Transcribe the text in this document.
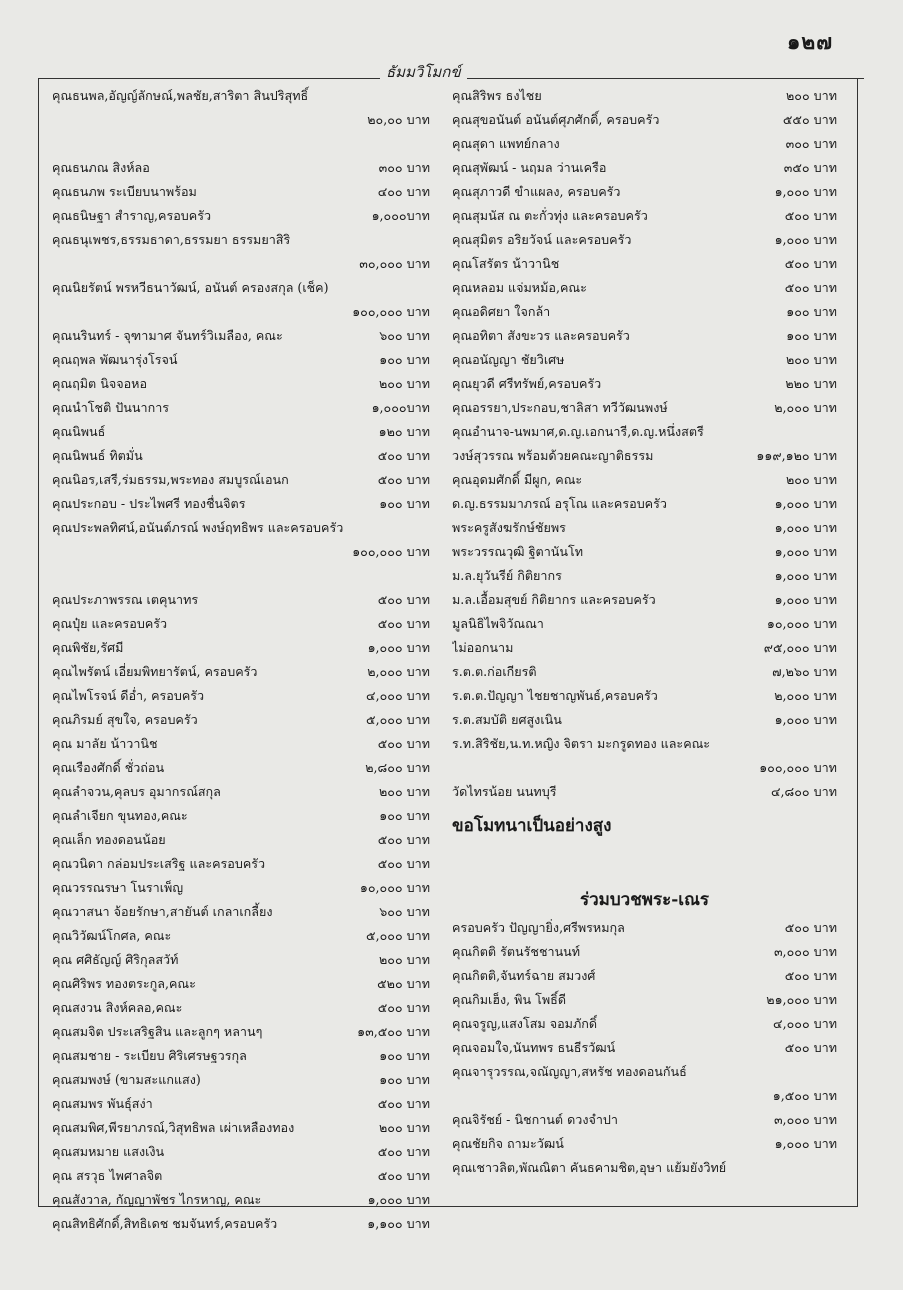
๑๒๗
ธัมมวิโมกข์
คุณธนพล,อัญญ์ลักษณ์,พลชัย,สาริตา สินปริสุทธิ์
๒๐,๐๐ บาท
คุณธนภณ สิงห์ลอ	๓๐๐ บาท
คุณธนภพ ระเบียบนาพร้อม	๔๐๐ บาท
คุณธนิษฐา สำราญ,ครอบครัว	๑,๐๐๐บาท
คุณธนุเพชร,ธรรมธาดา,ธรรมยา ธรรมยาสิริ
๓๐,๐๐๐ บาท
คุณนิยรัตน์ พรหวีธนาวัฒน์, อนันต์ ครองสกุล (เช็ค)
๑๐๐,๐๐๐ บาท
คุณนรินทร์ - จุฑามาศ จันทร์วิเมลือง, คณะ	๖๐๐ บาท
คุณฤพล พัฒนารุ่งโรจน์	๑๐๐ บาท
คุณฤมิต นิจจอหอ	๒๐๐ บาท
คุณนำโชติ ปันนาการ	๑,๐๐๐บาท
คุณนิพนธ์	๑๒๐ บาท
คุณนิพนธ์ ทิตมั่น	๕๐๐ บาท
คุณนิอร,เสรี,ร่มธรรม,พระทอง สมบูรณ์เอนก	๕๐๐ บาท
คุณประกอบ - ประไพศรี ทองชื่นจิตร	๑๐๐ บาท
คุณประพลทิศน์,อนันต์ภรณ์ พงษ์ฤทธิพร และครอบครัว
๑๐๐,๐๐๐ บาท
คุณประภาพรรณ เตคุนาทร	๕๐๐ บาท
คุณปุ๋ย และครอบครัว	๕๐๐ บาท
คุณพิชัย,รัศมี	๑,๐๐๐ บาท
คุณไพรัตน์ เอี่ยมพิทยารัตน์, ครอบครัว	๒,๐๐๐ บาท
คุณไพโรจน์ ดีอ่ำ, ครอบครัว	๔,๐๐๐ บาท
คุณภิรมย์ สุขใจ, ครอบครัว	๕,๐๐๐ บาท
คุณ มาลัย น้าวานิช	๕๐๐ บาท
คุณเรืองศักดิ์ ชั่วถ่อน	๒,๘๐๐ บาท
คุณลำจวน,คุลบร อุมากรณ์สกุล	๒๐๐ บาท
คุณลำเจียก ขุนทอง,คณะ	๑๐๐ บาท
คุณเล็ก ทองดอนน้อย	๕๐๐ บาท
คุณวนิดา กล่อมประเสริฐ และครอบครัว	๕๐๐ บาท
คุณวรรณรษา โนราเพ็ญ	๑๐,๐๐๐ บาท
คุณวาสนา จ้อยรักษา,สายันต์ เกลาเกลี้ยง	๖๐๐ บาท
คุณวิวัฒน์โกศล, คณะ	๕,๐๐๐ บาท
คุณ ศศิธัญญ์ ศิริกุลสวัท์	๒๐๐ บาท
คุณศิริพร ทองตระกูล,คณะ	๕๒๐ บาท
คุณสงวน สิงห์คลอ,คณะ	๕๐๐ บาท
คุณสมจิต ประเสริฐสิน และลูกๆ หลานๆ	๑๓,๕๐๐ บาท
คุณสมชาย - ระเบียบ ศิริเศรษฐวรกุล	๑๐๐ บาท
คุณสมพงษ์ (ขามสะแกแสง)	๑๐๐ บาท
คุณสมพร พันธุ์สง่า	๕๐๐ บาท
คุณสมพิศ,พีรยาภรณ์,วิสุทธิพล เผ่าเหลืองทอง	๒๐๐ บาท
คุณสมหมาย แสงเงิน	๕๐๐ บาท
คุณ สรวุธ ไพศาลจิต	๕๐๐ บาท
คุณสังวาล, กัญญาพัชร ไกรหาญ, คณะ	๑,๐๐๐ บาท
คุณสิทธิศักดิ์,สิทธิเดช ชมจันทร์,ครอบครัว	๑,๑๐๐ บาท
คุณสิริพร ธงไชย	๒๐๐ บาท
คุณสุขอนันต์ อนันต์ศุภศักดิ์, ครอบครัว	๕๕๐ บาท
คุณสุดา แพทย์กลาง	๓๐๐ บาท
คุณสุพัฒน์ - นฤมล ว่านเครือ	๓๕๐ บาท
คุณสุภาวดี ขำแผลง, ครอบครัว	๑,๐๐๐ บาท
คุณสุมนัส ณ ตะกั่วทุ่ง และครอบครัว	๕๐๐ บาท
คุณสุมิตร อริยวัจน์ และครอบครัว	๑,๐๐๐ บาท
คุณโสรัตร น้าวานิช	๕๐๐ บาท
คุณหลอม แจ่มหม้อ,คณะ	๕๐๐ บาท
คุณอดิศยา ใจกล้า	๑๐๐ บาท
คุณอทิตา สังขะวร และครอบครัว	๑๐๐ บาท
คุณอนัญญา ชัยวิเศษ	๒๐๐ บาท
คุณยุวดี ศรีทรัพย์,ครอบครัว	๒๒๐ บาท
คุณอรรยา,ประกอบ,ชาลิสา ทวีวัฒนพงษ์	๒,๐๐๐ บาท
คุณอำนาจ-นพมาศ,ด.ญ.เอกนารี,ด.ญ.หนึ่งสตรี
วงษ์สุวรรณ พร้อมด้วยคณะญาติธรรม	๑๑๙,๑๒๐ บาท
คุณอุดมศักดิ์ มีผูก, คณะ	๒๐๐ บาท
ด.ญ.ธรรมมาภรณ์ อรุโณ และครอบครัว	๑,๐๐๐ บาท
พระครูสังฆรักษ์ชัยพร	๑,๐๐๐ บาท
พระวรรณวุฒิ ฐิตานันโท	๑,๐๐๐ บาท
ม.ล.ยุวันรีย์ กิติยากร	๑,๐๐๐ บาท
ม.ล.เอื้อมสุขย์ กิติยากร และครอบครัว	๑,๐๐๐ บาท
มูลนิธิไพจิวัณณา	๑๐,๐๐๐ บาท
ไม่ออกนาม	๙๕,๐๐๐ บาท
ร.ต.ต.ก่อเกียรติ	๗,๒๖๐ บาท
ร.ต.ต.ปัญญา ไชยชาญพันธ์,ครอบครัว	๒,๐๐๐ บาท
ร.ต.สมบัติ ยศสูงเนิน	๑,๐๐๐ บาท
ร.ท.สิริชัย,น.ท.หญิง จิตรา มะกรูดทอง และคณะ
๑๐๐,๐๐๐ บาท
วัดไทรน้อย นนทบุรี	๔,๘๐๐ บาท
ขอโมทนาเป็นอย่างสูง
ร่วมบวชพระ-เณร
ครอบครัว ปัญญายิ่ง,ศรีพรหมกุล	๕๐๐ บาท
คุณกิตติ รัตนรัชชานนท์	๓,๐๐๐ บาท
คุณกิตติ,จันทร์ฉาย สมวงศ์	๕๐๐ บาท
คุณกิมเฮ็ง, พิน โพธิ์ดี	๒๑,๐๐๐ บาท
คุณจรูญ,แสงโสม จอมภักดิ์	๔,๐๐๐ บาท
คุณจอมใจ,นันทพร ธนธีรวัฒน์	๕๐๐ บาท
คุณจารุวรรณ,จณัญญา,สหรัช ทองดอนกันธ์
๑,๕๐๐ บาท
คุณจิรัชย์ - นิชกานต์ ดวงจำปา	๓,๐๐๐ บาท
คุณชัยกิจ ถามะวัฒน์	๑,๐๐๐ บาท
คุณเชาวลิต,พัณณิตา คันธคามชิต,อุษา แย้มยังวิทย์
